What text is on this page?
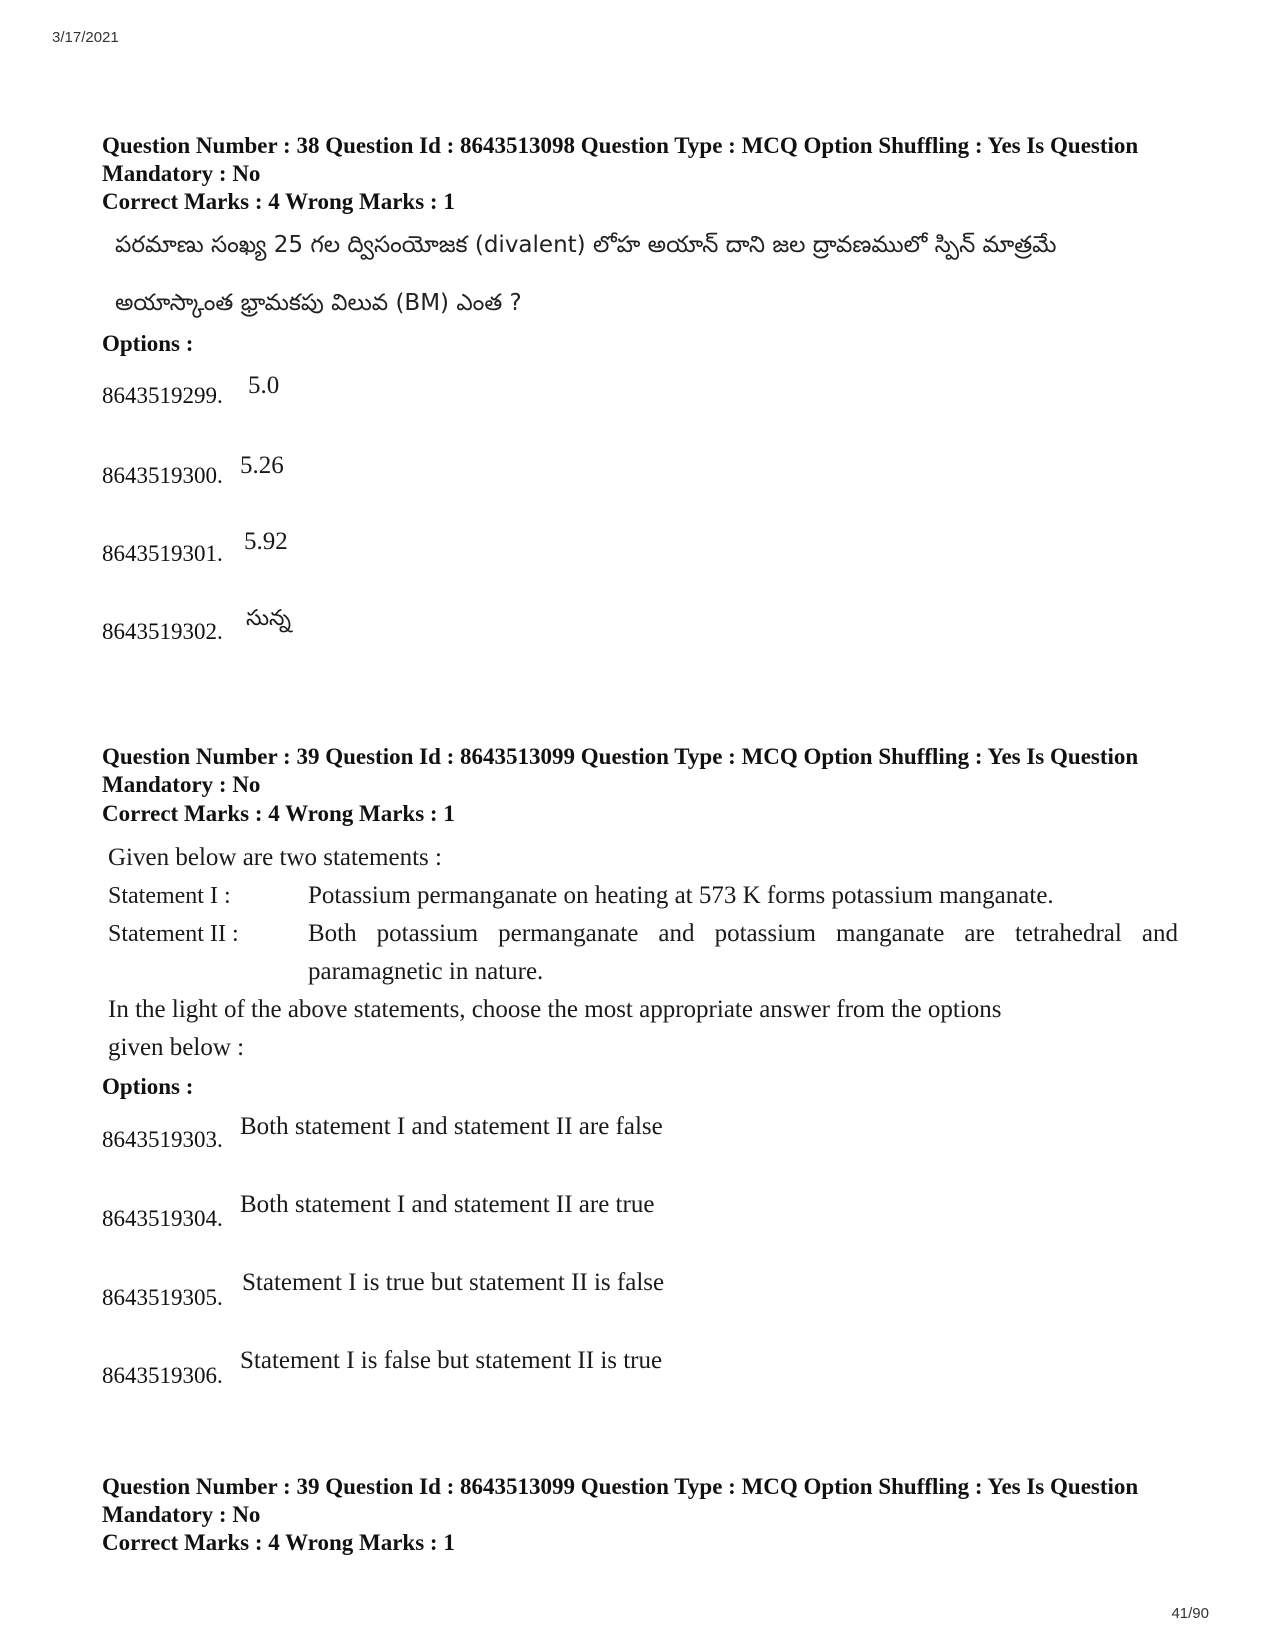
3/17/2021
Question Number : 38 Question Id : 8643513098 Question Type : MCQ Option Shuffling : Yes Is Question Mandatory : No
Correct Marks : 4 Wrong Marks : 1
పరమాణు సంఖ్య 25 గల ద్విసంయోజక (divalent) లోహ అయాన్ దాని జల ద్రావణములో స్పిన్ మాత్రమే
అయాస్కాంత భ్రామకపు విలువ (BM) ఎంత ?
Options :
8643519299. 5.0
8643519300. 5.26
8643519301. 5.92
8643519302.
సున్న
Question Number : 39 Question Id : 8643513099 Question Type : MCQ Option Shuffling : Yes Is Question Mandatory : No
Correct Marks : 4 Wrong Marks : 1
Given below are two statements :
Statement I :	Potassium permanganate on heating at 573 K forms potassium manganate.
Statement II :	Both potassium permanganate and potassium manganate are tetrahedral and paramagnetic in nature.
In the light of the above statements, choose the most appropriate answer from the options
given below :
Options :
8643519303. Both statement I and statement II are false
8643519304.
Both statement I and statement II are true
8643519305.
Statement I is true but statement II is false
8643519306.
Statement I is false but statement II is true
Question Number : 39 Question Id : 8643513099 Question Type : MCQ Option Shuffling : Yes Is Question Mandatory : No
Correct Marks : 4 Wrong Marks : 1
41/90
